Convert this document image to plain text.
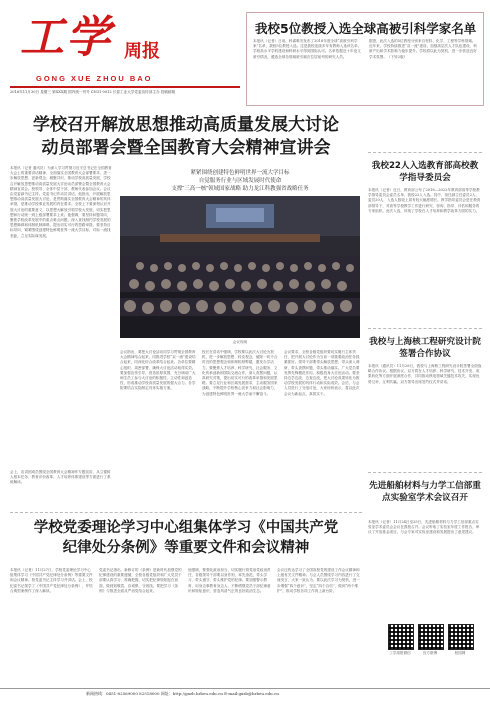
工学 周报
GONG XUE ZHOU BAO
2016年11月30日 星期三 第XXX期 国内统一刊号 CN31-0012 长春工业大学党委宣传部主办 投稿邮箱
我校5位教授入选全球高被引科学家名单
本报讯（记者）日前，科睿唯安发布了2016年度全球“高被引科学家”名单，我校5位教授入选。这是我校连续多年有教师入选该名单，学校高水平学科建设和科研水平得到国际认可。名单依据近十年论文被引情况，遴选全球各领域被引频次位居前列的研究人员。
据悉，此次入选的5位教授分别来自材料、化学、工程等学科领域。近年来，学校持续推进“双一流”建设，加强高层次人才队伍建设，科研产出和学术影响力稳步提升。学校将以此为契机，进一步营造良好学术氛围。（下转2版）
学校召开解放思想推动高质量发展大讨论
动员部署会暨全国教育大会精神宣讲会
本报讯（记者 通讯员）为深入学习贯彻习近平总书记在全国教育大会上的重要讲话精神，全面落实全国教育大会部署要求，进一步解放思想、更新观念、凝聚共识，推动学校高质量发展，学校召开解放思想推动高质量发展大讨论动员部署会暨全国教育大会精神宣讲会。校领导、全体中层干部、教师代表参加会议。会议由党委副书记主持。党委书记作动员讲话，他指出，开展解放思想推动高质量发展大讨论，是贯彻落实全国教育大会精神的具体举措，是推动学校事业发展的内在要求。全校上下要深刻认识开展大讨论的重要意义，以思想大解放引领学校大发展，切实把思想和行动统一到上级部署要求上来。他强调，要坚持问题导向，聚焦学校改革发展中的重点难点问题，深入查找制约学校发展的思想障碍和体制机制障碍，提出切实可行的思路举措。要坚持目标导向，紧紧围绕创建特色鲜明世界一流大学目标，对标一流找差距，立足实际谋发展。
会上，宣讲团成员围绕全国教育大会精神作专题宣讲，从立德树人根本任务、教育评价改革、人才培养体系建设等方面进行了系统解读。
紧紧围绕创建特色鲜明世界一流大学目标
自觉服务行业与区域发展时代使命
支撑“三高一核”领域国家战略 助力龙江科教强省战略任务
会议现场
会议指出，要把大讨论活动同学习贯彻全国教育大会精神结合起来，同推进学校“双一流”建设结合起来，同深化综合改革结合起来。各单位要精心组织、周密部署，确保大讨论活动取得实效。要加强宣传引导，营造浓厚氛围，充分调动广大师生员工参与大讨论的积极性、主动性和创造性，形成推动学校高质量发展的强大合力。各学院要结合实际制定具体实施方案。
校长在讲话中强调，学校要以此次大讨论为契机，进一步解放思想、转变观念，破除一切不合时宜的思想观念和体制机制弊端，激发办学活力。要聚焦人才培养、科学研究、社会服务、文化传承创新和国际交流合作，深入查摆问题，认真研究对策，提出切实可行的改革举措和发展思路。要立足行业和区域发展需求，主动服务国家战略，不断提升学校核心竞争力和社会影响力，为创建特色鲜明世界一流大学而不懈奋斗。
会议要求，全校各级党组织要切实履行主体责任，把开展大讨论作为当前一项重要政治任务抓紧抓好。领导干部要带头解放思想，带头深入调研，带头查摆问题，带头推动落实。广大党员要发挥先锋模范作用，积极投身大讨论活动。要坚持边学边改、边查边改，把大讨论成果转化为推动学校发展的具体行动和实际成效。会后，与会人员进行了分组讨论，大家纷纷表示，将以此次会议为新起点，真抓实干。
我校22人入选教育部高校教学指导委员会
本报讯（记者）近日，教育部公布了2018—2022年教育部高等学校教学指导委员会委员名单，我校22人入选。其中，担任副主任委员2人，委员20人，入选人数较上届有较大幅度增长。教学指导委员会是在教育部领导下，对高等学校教学工作进行研究、咨询、指导、评估和服务的专家组织。此次入选，体现了学校在人才培养和教学改革方面的实力。
我校与上海核工程研究设计院签署合作协议
本报讯（通讯员）11月28日，我校与上海核工程研究设计院签署全面战略合作协议。根据协议，双方将在人才培养、科学研究、技术开发、成果转化等方面开展深度合作，共同推动核电领域关键技术攻关，实现优势互补、互利共赢。双方领导出席签约仪式并讲话。
先进船舶材料与力学工信部重点实验室学术会议召开
本报讯（记者）11月24日至25日，先进船舶材料与力学工信部重点实验室学术委员会会议在我校召开。会议听取了实验室年度工作报告，审议了开放基金项目，与会专家对实验室建设和发展提出了意见建议。
工学周报微信	官方微博	校园网
学校党委理论学习中心组集体学习《中国共产党
纪律处分条例》等重要文件和会议精神
本报讯（记者）11月27日，学校党委理论学习中心组集体学习《中国共产党纪律处分条例》等重要文件和会议精神。校党委书记主持学习并讲话。会上，校纪委书记领学了《中国共产党纪律处分条例》，并结合典型案例作了深入解读。
党委书记指出，新修订的《条例》是新时代加强党的纪律建设的重要遵循，全校各级党组织和广大党员干部要认真学习、准确把握，切实把纪律规矩挺在前面，做到知敬畏、存戒惧、守底线。要把学习《条例》与推进全面从严治党结合起来。
他强调，要强化政治担当，切实履行管党治党政治责任，各级领导干部要以身作则、率先垂范，带头学习、带头遵守、带头维护党的纪律。要加强警示教育，用身边事教育身边人，不断增强党员干部纪律意识和规矩意识，营造风清气正的良好政治生态。
会议还传达学习了全国高校党的建设工作会议精神和上级有关文件精神。与会人员围绕学习内容进行了交流发言，大家一致认为，要以此次学习为契机，进一步增强“四个意识”，坚定“四个自信”，做到“两个维护”，推动学校各项工作再上新台阶。
新闻热线：0451-82569000 82518000 网址：http://gxzb.hrbeu.edu.cn E-mail:gxzb@hrbeu.edu.cn
